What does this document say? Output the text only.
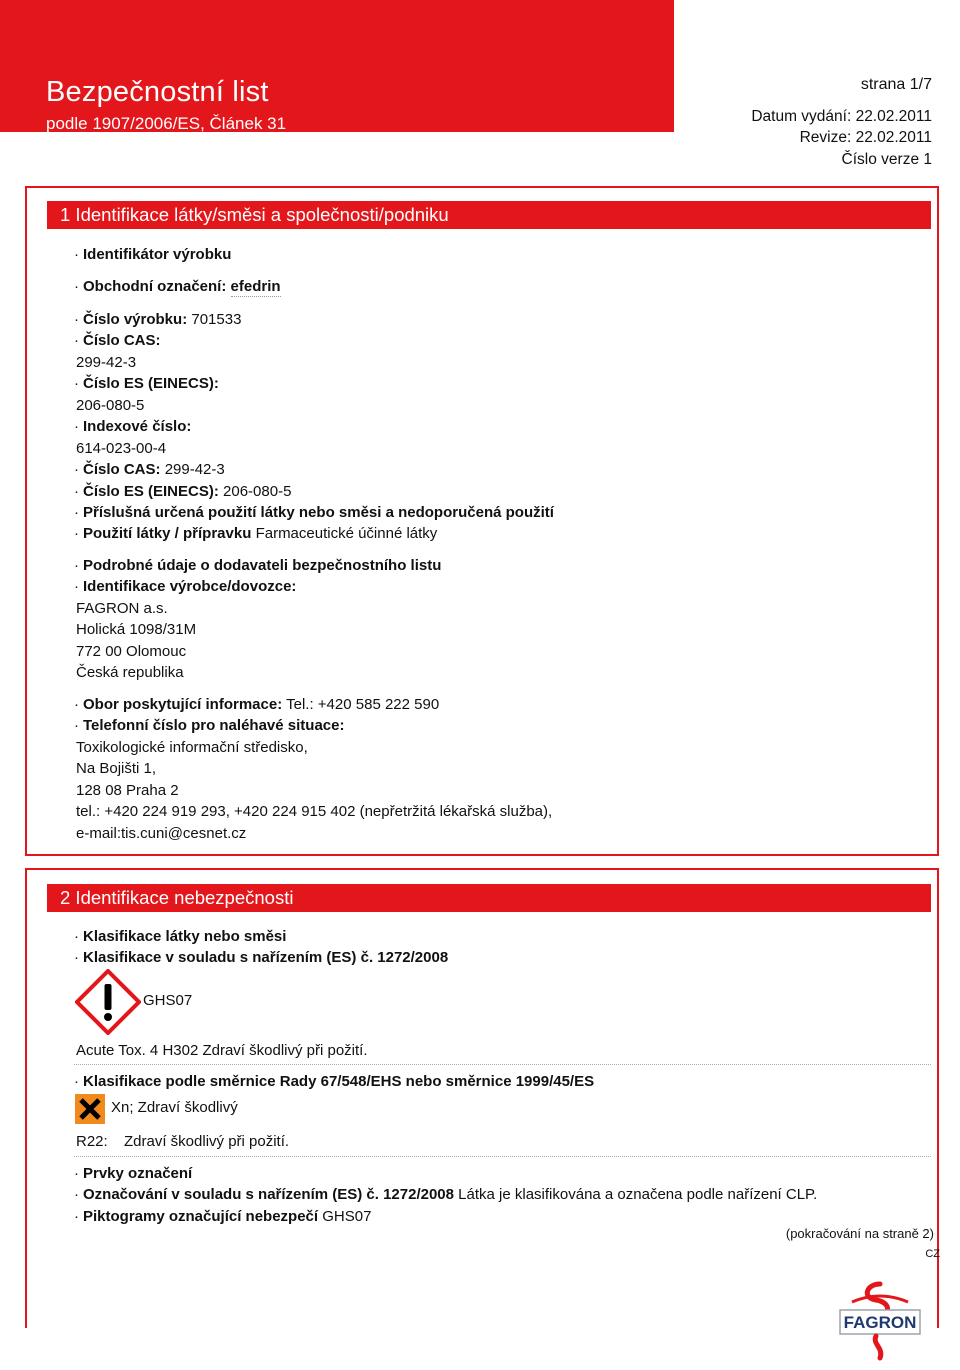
Bezpečnostní list
podle 1907/2006/ES, Článek 31
strana 1/7
Datum vydání: 22.02.2011
Revize: 22.02.2011
Číslo verze 1
1 Identifikace látky/směsi a společnosti/podniku
· Identifikátor výrobku
· Obchodní označení: efedrin
· Číslo výrobku: 701533
· Číslo CAS:
299-42-3
· Číslo ES (EINECS):
206-080-5
· Indexové číslo:
614-023-00-4
· Číslo CAS: 299-42-3
· Číslo ES (EINECS): 206-080-5
· Příslušná určená použití látky nebo směsi a nedoporučená použití
· Použití látky / přípravku Farmaceutické účinné látky
· Podrobné údaje o dodavateli bezpečnostního listu
· Identifikace výrobce/dovozce:
FAGRON a.s.
Holická 1098/31M
772 00 Olomouc
Česká republika
· Obor poskytující informace: Tel.: +420 585 222 590
· Telefonní číslo pro naléhavé situace:
Toxikologické informační středisko,
Na Bojišti 1,
128 08 Praha 2
tel.: +420 224 919 293, +420 224 915 402 (nepřetržitá lékařská služba),
e-mail:tis.cuni@cesnet.cz
2 Identifikace nebezpečnosti
· Klasifikace látky nebo směsi
· Klasifikace v souladu s nařízením (ES) č. 1272/2008
GHS07
Acute Tox. 4 H302 Zdraví škodlivý při požití.
· Klasifikace podle směrnice Rady 67/548/EHS nebo směrnice 1999/45/ES
Xn; Zdraví škodlivý
R22: Zdraví škodlivý při požití.
· Prvky označení
· Označování v souladu s nařízením (ES) č. 1272/2008 Látka je klasifikována a označena podle nařízení CLP.
· Piktogramy označující nebezpečí GHS07
(pokračování na straně 2)
CZ
FAGRON
